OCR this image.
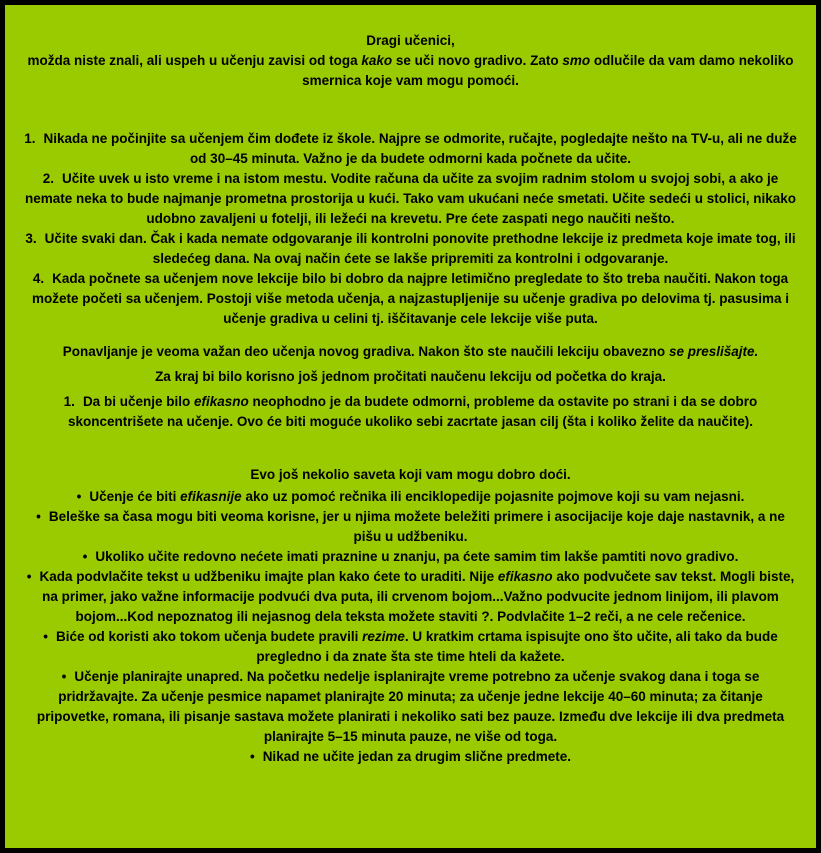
Dragi učenici,

možda niste znali, ali uspeh u učenju zavisi od toga kako se uči novo gradivo. Zato smo odlučile da vam damo nekoliko smernica koje vam mogu pomoći.

1. Nikada ne počinjite sa učenjem čim dođete iz škole. Najpre se odmorite, ručajte, pogledajte nešto na TV-u, ali ne duže od 30–45 minuta. Važno je da budete odmorni kada počnete da učite.

2. Učite uvek u isto vreme i na istom mestu. Vodite računa da učite za svojim radnim stolom u svojoj sobi, a ako je nemate neka to bude najmanje prometna prostorija u kući. Tako vam ukućani neće smetati. Učite sedeći u stolici, nikako udobno zavaljeni u fotelji, ili ležeći na krevetu. Pre ćete zaspati nego naučiti nešto.

3. Učite svaki dan. Čak i kada nemate odgovaranje ili kontrolni ponovite prethodne lekcije iz predmeta koje imate tog, ili sledećeg dana. Na ovaj način ćete se lakše pripremiti za kontrolni i odgovaranje.

4. Kada počnete sa učenjem nove lekcije bilo bi dobro da najpre letimično pregledate to što treba naučiti. Nakon toga možete početi sa učenjem. Postoji više metoda učenja, a najzastupljenije su učenje gradiva po delovima tj. pasusima i učenje gradiva u celini tj. iščitavanje cele lekcije više puta.

Ponavljanje je veoma važan deo učenja novog gradiva. Nakon što ste naučili lekciju obavezno se preslišajte.

Za kraj bi bilo korisno još jednom pročitati naučenu lekciju od početka do kraja.

1. Da bi učenje bilo efikasno neophodno je da budete odmorni, probleme da ostavite po strani i da se dobro skoncentrišete na učenje. Ovo će biti moguće ukoliko sebi zacrtate jasan cilj (šta i koliko želite da naučite).

Evo još nekolio saveta koji vam mogu dobro doći.

• Učenje će biti efikasnije ako uz pomoć rečnika ili enciklopedije pojasnite pojmove koji su vam nejasni.

• Beleške sa časa mogu biti veoma korisne, jer u njima možete beležiti primere i asocijacije koje daje nastavnik, a ne pišu u udžbeniku.

• Ukoliko učite redovno nećete imati praznine u znanju, pa ćete samim tim lakše pamtiti novo gradivo.

• Kada podvlačite tekst u udžbeniku imajte plan kako ćete to uraditi. Nije efikasno ako podvučete sav tekst. Mogli biste, na primer, jako važne informacije podvući dva puta, ili crvenom bojom...Važno podvucite jednom linijom, ili plavom bojom...Kod nepoznatog ili nejasnog dela teksta možete staviti ?. Podvlačite 1–2 reči, a ne cele rečenice.

• Biće od koristi ako tokom učenja budete pravili rezime. U kratkim crtama ispisujte ono što učite, ali tako da bude pregledno i da znate šta ste time hteli da kažete.

• Učenje planirajte unapred. Na početku nedelje isplanirajte vreme potrebno za učenje svakog dana i toga se pridržavajte. Za učenje pesmice napamet planirajte 20 minuta; za učenje jedne lekcije 40–60 minuta; za čitanje pripovetke, romana, ili pisanje sastava možete planirati i nekoliko sati bez pauze. Između dve lekcije ili dva predmeta planirajte 5–15 minuta pauze, ne više od toga.

• Nikad ne učite jedan za drugim slične predmete.
